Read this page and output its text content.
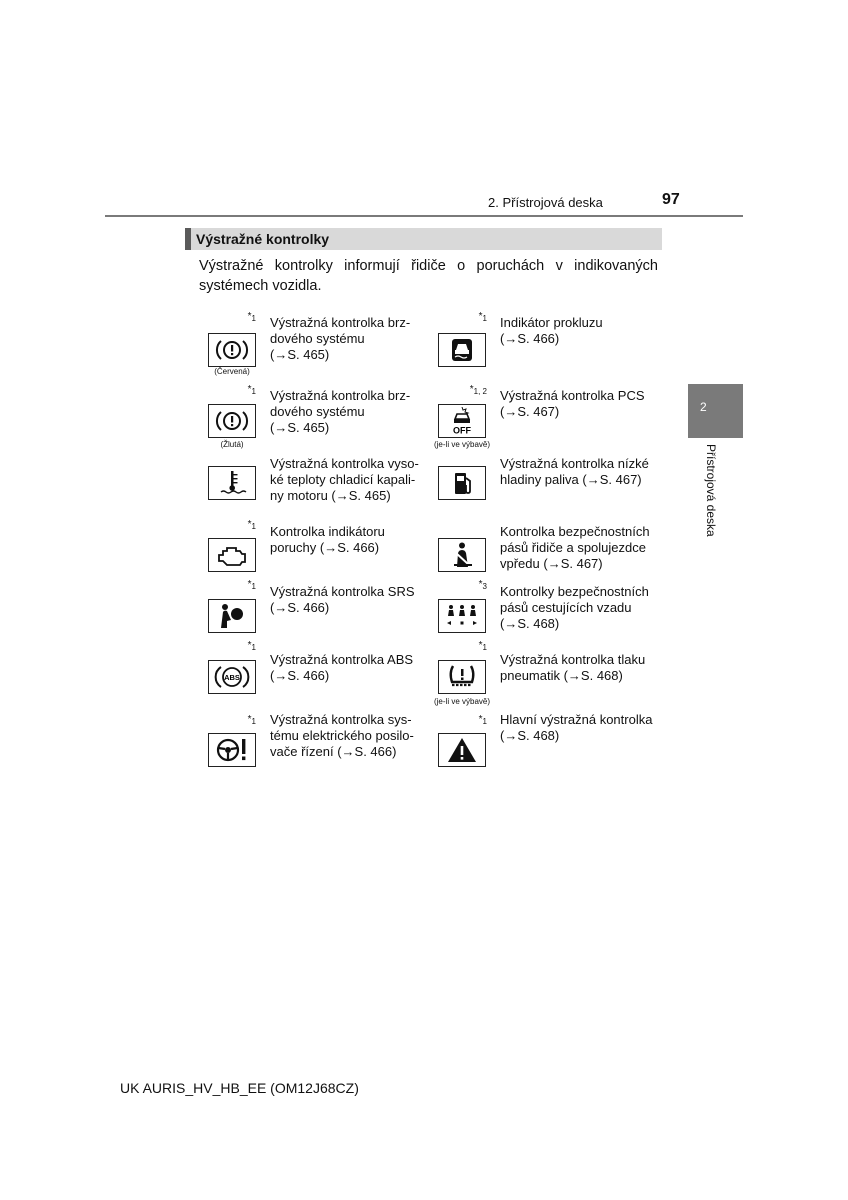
2. Přístrojová deska	97
2
Přístrojová deska
Výstražné kontrolky
Výstražné kontrolky informují řidiče o poruchách v indikovaných systémech vozidla.
$*_1$
(Červená)
Výstražná kontrolka brz-
dového systému
(→S. 465)
$*_1$ Indikátor prokluzu
(→S. 466)
$*_1$
(Žlutá)
Výstražná kontrolka brz-
dového systému
(→S. 465)	OFF
$*_{1, 2}$
(je-li ve výbavě)
Výstražná kontrolka PCS
(→S. 467)
Výstražná kontrolka vyso-
ké teploty chladicí kapali-
ny motoru (→S. 465)
Výstražná kontrolka nízké
hladiny paliva (→S. 467)
$*_1$ Kontrolka indikátoru
poruchy (→S. 466)
Kontrolka bezpečnostních
pásů řidiče a spolujezdce
vpředu (→S. 467)
$*_1$ Výstražná kontrolka SRS
(→S. 466)
$*_3$ Kontrolky bezpečnostních
pásů cestujících vzadu
(→S. 468)
ABS
$*_1$
Výstražná kontrolka ABS
(→S. 466)
$*_1$
(je-li ve výbavě)
Výstražná kontrolka tlaku
pneumatik (→S. 468)
$*_1$ Výstražná kontrolka sys-
tému elektrického posilo-
vače řízení (→S. 466)
$*_1$ Hlavní výstražná kontrolka
(→S. 468)
UK AURIS_HV_HB_EE (OM12J68CZ)
